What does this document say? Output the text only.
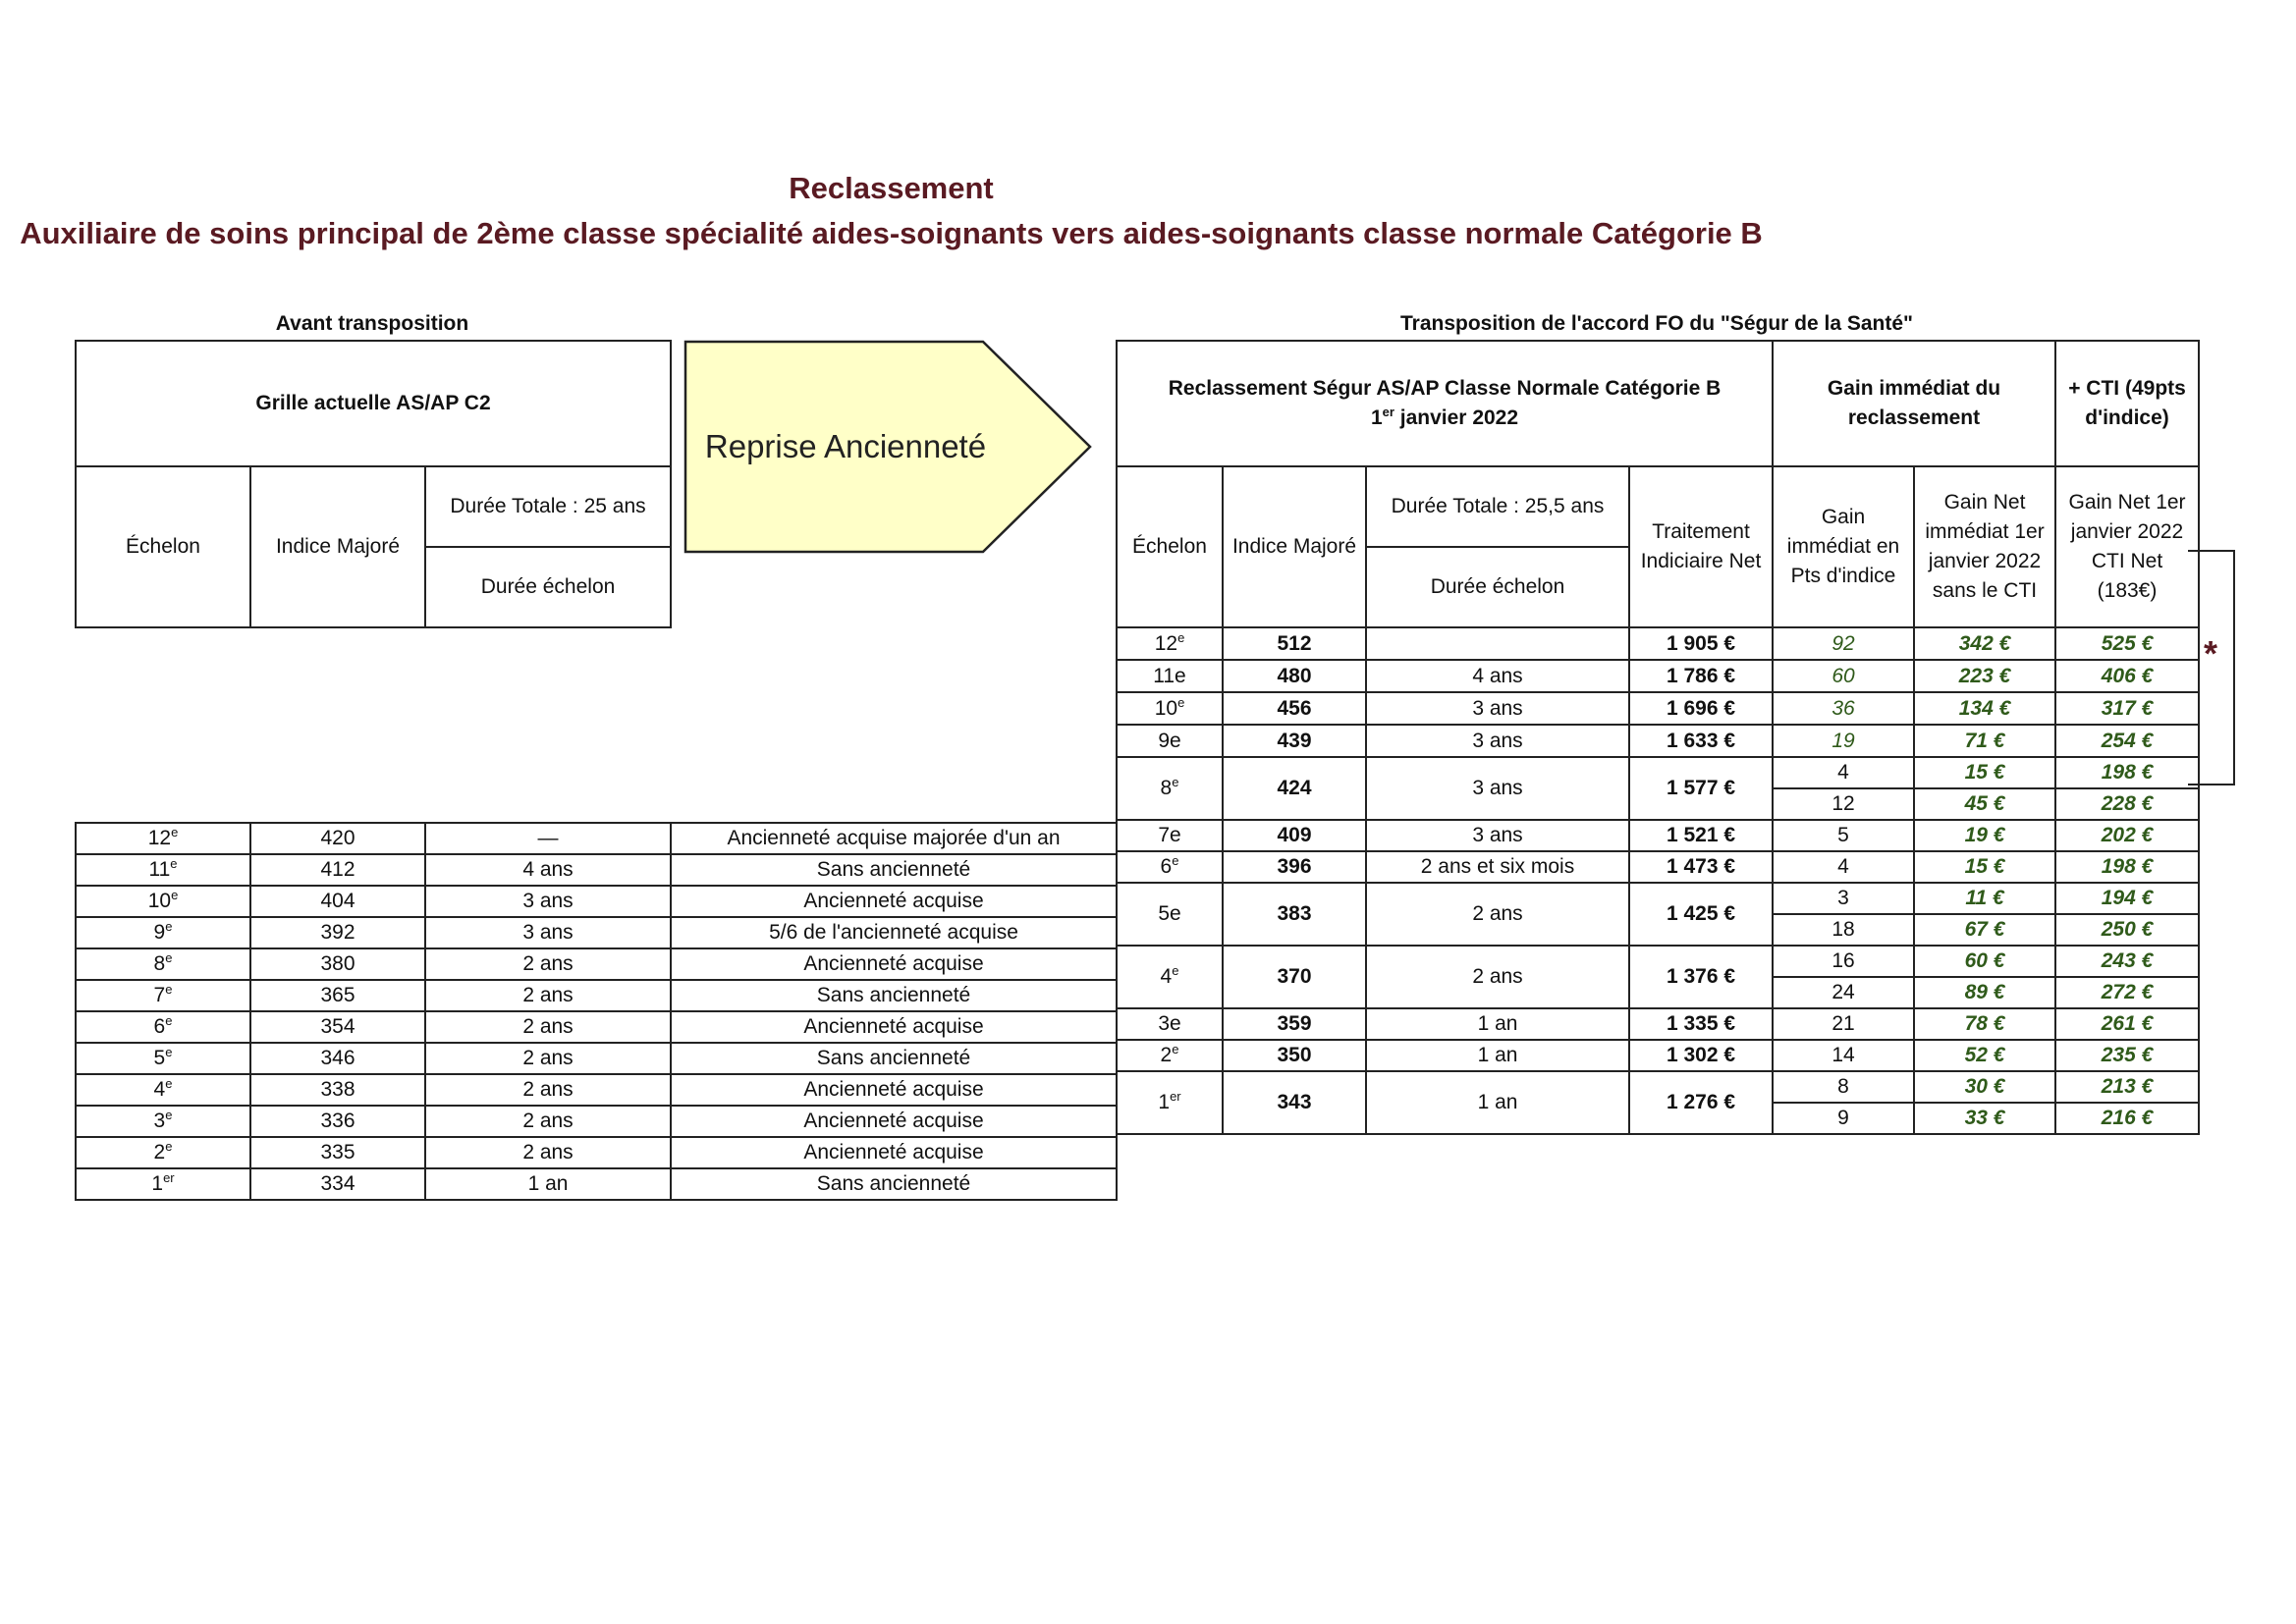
Reclassement
Auxiliaire de soins principal de 2ème classe spécialité aides-soignants vers aides-soignants classe normale Catégorie B
Avant transposition	Transposition de l'accord FO du "Ségur de la Santé"
Grille actuelle AS/AP C2
Échelon	Indice Majoré	Durée Totale : 25 ans
Durée échelon
Reprise Ancienneté
Reclassement Ségur AS/AP Classe Normale Catégorie B
1er janvier 2022				Gain immédiat du reclassement		+ CTI (49pts d'indice)
Échelon	Indice Majoré	Durée Totale : 25,5 ans	Traitement Indiciaire Net	Gain immédiat en Pts d'indice	Gain Net immédiat 1er janvier 2022 sans le CTI	Gain Net 1er janvier 2022 CTI Net (183€)
		Durée échelon				
12e	512		1 905 €	92	342 €	525 €
11e	480	4 ans	1 786 €	60	223 €	406 €
10e	456	3 ans	1 696 €	36	134 €	317 €
9e	439	3 ans	1 633 €	19	71 €	254 €
8e	424	3 ans	1 577 €	4	15 €	198 €
				12	45 €	228 €
7e	409	3 ans	1 521 €	5	19 €	202 €
6e	396	2 ans et six mois	1 473 €	4	15 €	198 €
5e	383	2 ans	1 425 €	3	11 €	194 €
				18	67 €	250 €
4e	370	2 ans	1 376 €	16	60 €	243 €
				24	89 €	272 €
3e	359	1 an	1 335 €	21	78 €	261 €
2e	350	1 an	1 302 €	14	52 €	235 €
1er	343	1 an	1 276 €	8	30 €	213 €
				9	33 €	216 €
12e	420	—	Ancienneté acquise majorée d'un an
11e	412	4 ans	Sans ancienneté
10e	404	3 ans	Ancienneté acquise
9e	392	3 ans	5/6 de l'ancienneté acquise
8e	380	2 ans	Ancienneté acquise
7e	365	2 ans	Sans ancienneté
6e	354	2 ans	Ancienneté acquise
5e	346	2 ans	Sans ancienneté
4e	338	2 ans	Ancienneté acquise
3e	336	2 ans	Ancienneté acquise
2e	335	2 ans	Ancienneté acquise
1er	334	1 an	Sans ancienneté
*
